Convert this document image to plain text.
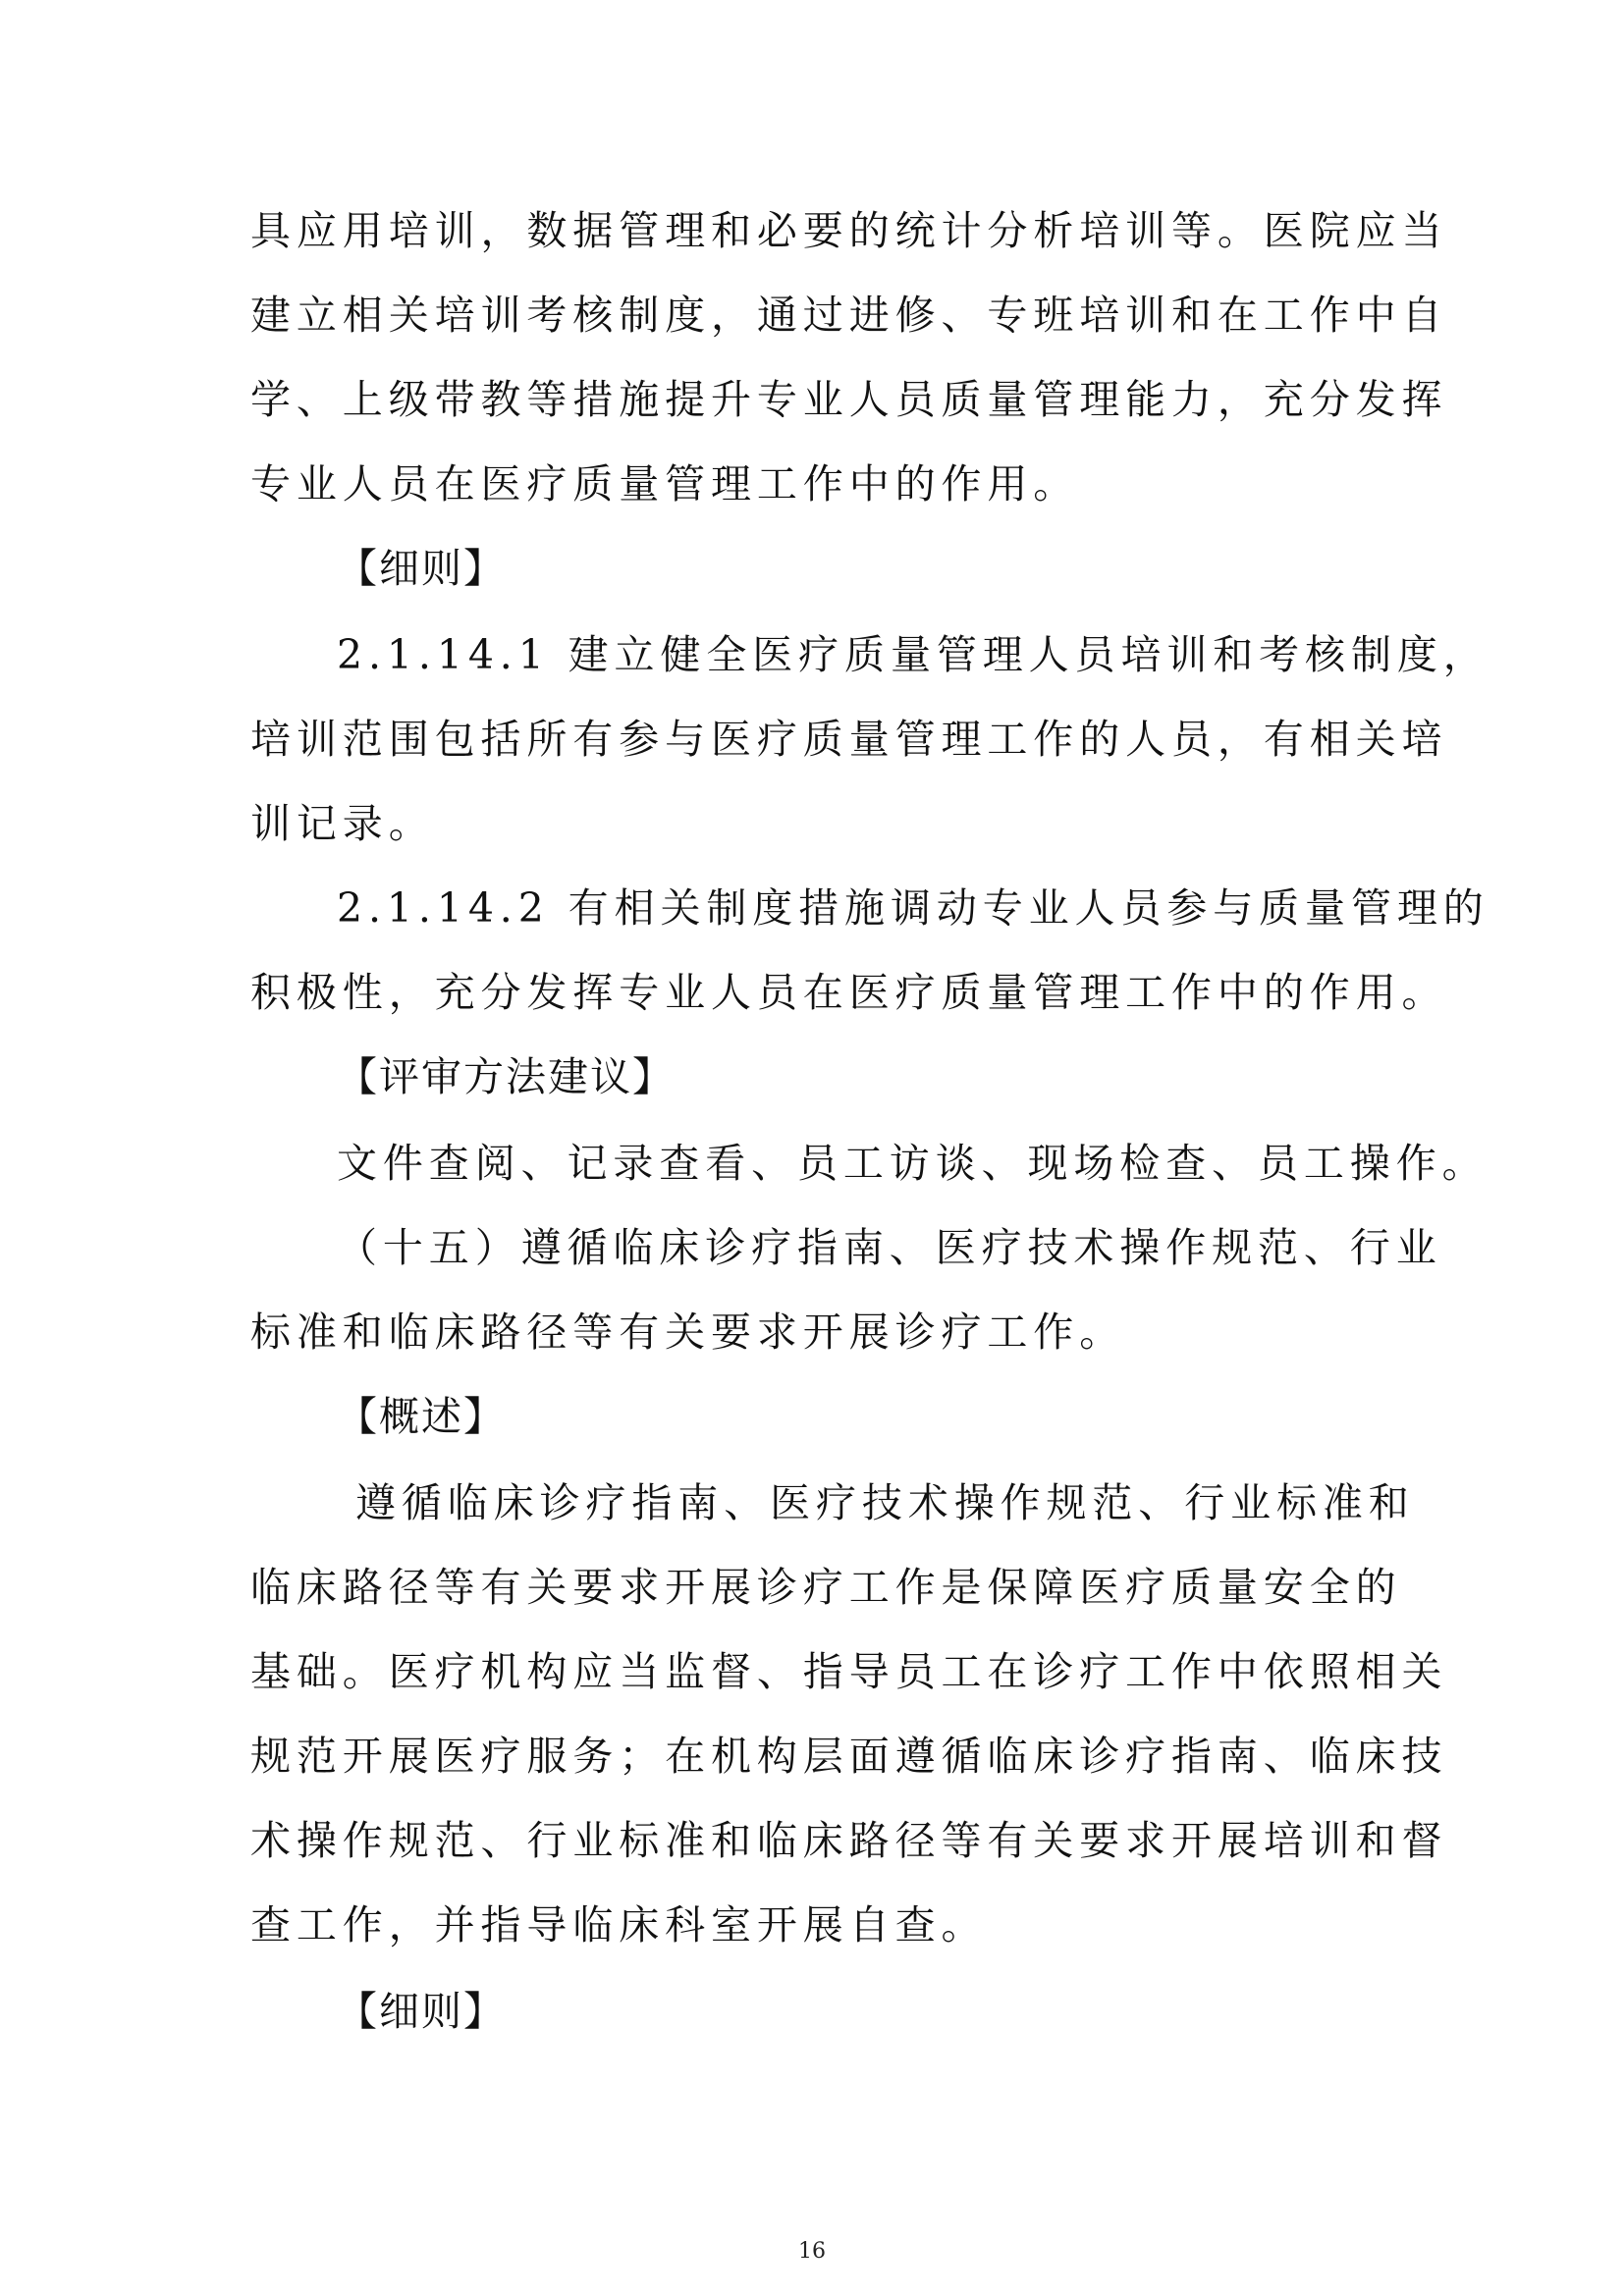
具应用培训，数据管理和必要的统计分析培训等。医院应当
建立相关培训考核制度，通过进修、专班培训和在工作中自
学、上级带教等措施提升专业人员质量管理能力，充分发挥
专业人员在医疗质量管理工作中的作用。
【细则】
2.1.14.1 建立健全医疗质量管理人员培训和考核制度，
培训范围包括所有参与医疗质量管理工作的人员，有相关培
训记录。
2.1.14.2 有相关制度措施调动专业人员参与质量管理的
积极性，充分发挥专业人员在医疗质量管理工作中的作用。
【评审方法建议】
文件查阅、记录查看、员工访谈、现场检查、员工操作。
（十五）遵循临床诊疗指南、医疗技术操作规范、行业
标准和临床路径等有关要求开展诊疗工作。
【概述】
遵循临床诊疗指南、医疗技术操作规范、行业标准和
临床路径等有关要求开展诊疗工作是保障医疗质量安全的
基础。医疗机构应当监督、指导员工在诊疗工作中依照相关
规范开展医疗服务；在机构层面遵循临床诊疗指南、临床技
术操作规范、行业标准和临床路径等有关要求开展培训和督
查工作，并指导临床科室开展自查。
【细则】
16
